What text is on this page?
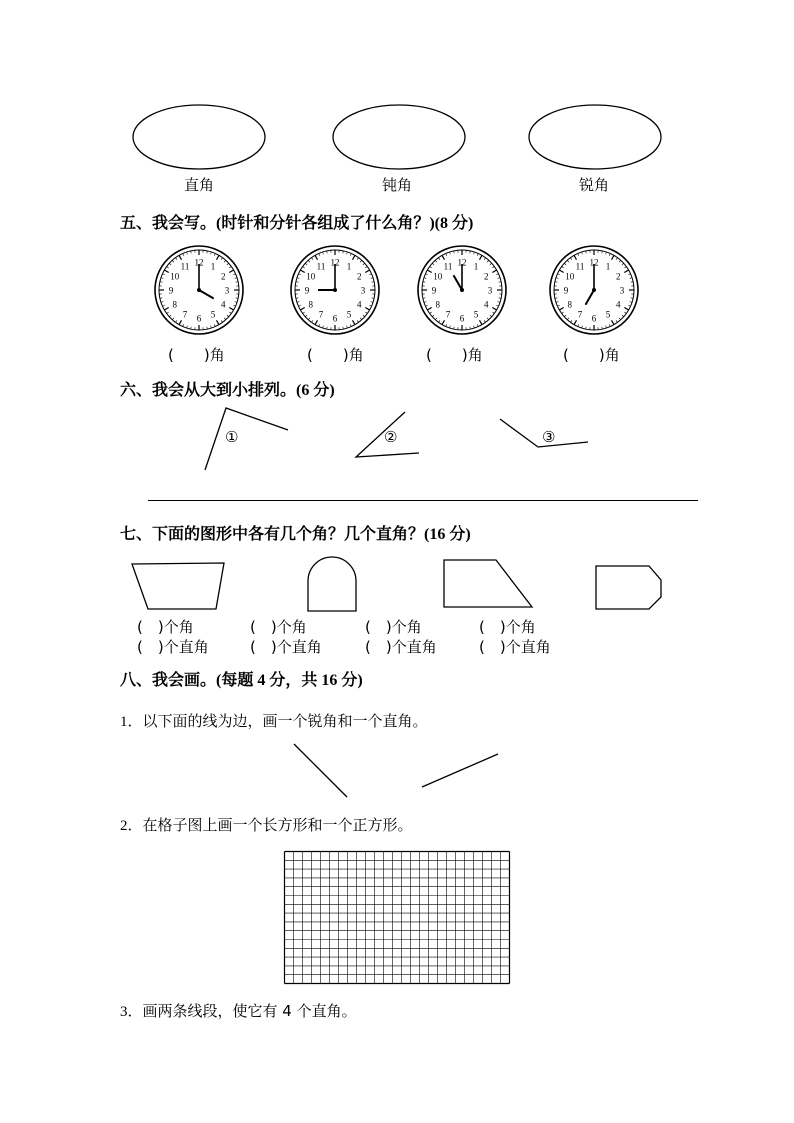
直角	钝角	锐角
五、我会写。(时针和分针各组成了什么角？)(8 分)
12 1
2
3
4
5
6
7
8
9
10
11	12 1
2
3
4
5
6
7
8
9
10
11	12 1
2
3
4
5
6
7
8
9
10
11	12 1
2
3
4
5
6
7
8
9
10
11
(　　)角	(　　)角	(　　)角	(　　)角
六、我会从大到小排列。(6 分)
①	②	③
七、下面的图形中各有几个角？几个直角？(16 分)
(　)个角	(　)个角	(　)个角	(　)个角
(　)个直角	(　)个直角	(　)个直角	(　)个直角
八、我会画。(每题 4 分，共 16 分)
1．以下面的线为边，画一个锐角和一个直角。
2．在格子图上画一个长方形和一个正方形。
3．画两条线段，使它有 4 个直角。
